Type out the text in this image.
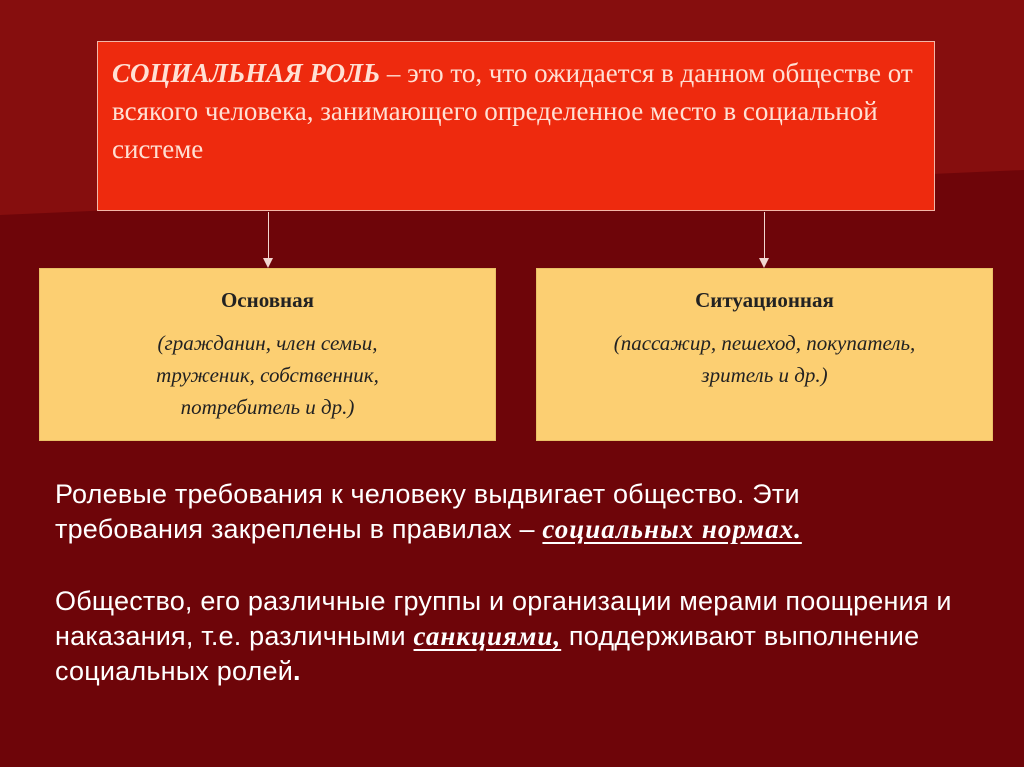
СОЦИАЛЬНАЯ РОЛЬ – это то, что ожидается в данном обществе от всякого человека, занимающего определенное место в социальной системе
Основная
(гражданин, член семьи,
труженик, собственник,
потребитель и др.)
Ситуационная
(пассажир, пешеход, покупатель,
зритель и др.)
Ролевые требования к человеку выдвигает общество. Эти требования закреплены в правилах – социальных нормах.
Общество, его различные группы и организации мерами поощрения и наказания, т.е. различными санкциями, поддерживают выполнение социальных ролей.
